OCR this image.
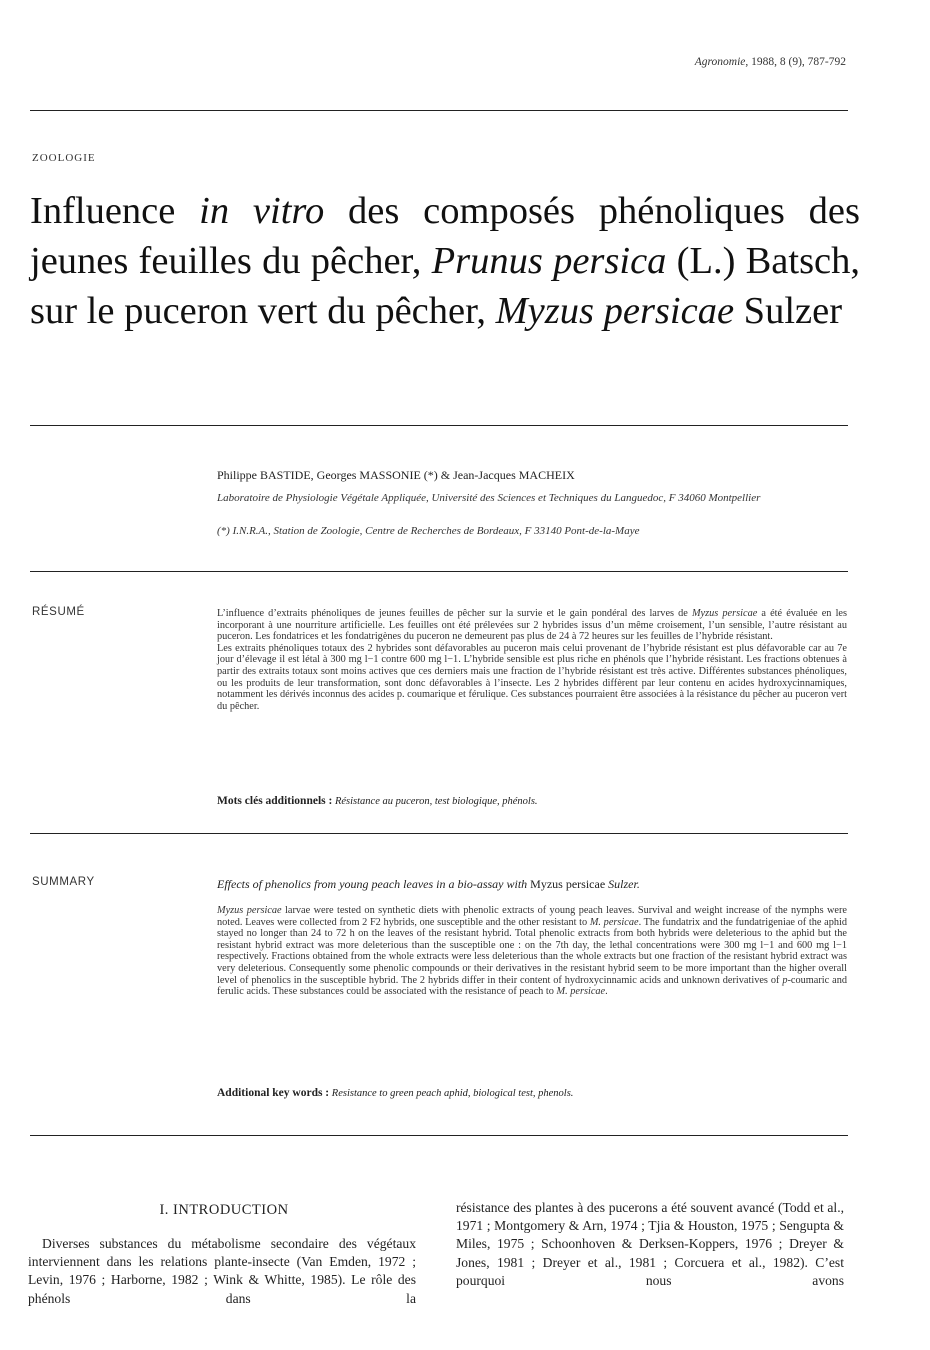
Agronomie, 1988, 8 (9), 787-792
ZOOLOGIE
Influence in vitro des composés phénoliques des jeunes feuilles du pêcher, Prunus persica (L.) Batsch, sur le puceron vert du pêcher, Myzus persicae Sulzer
Philippe BASTIDE, Georges MASSONIE (*) & Jean-Jacques MACHEIX
Laboratoire de Physiologie Végétale Appliquée, Université des Sciences et Techniques du Languedoc, F 34060 Montpellier
(*) I.N.R.A., Station de Zoologie, Centre de Recherches de Bordeaux, F 33140 Pont-de-la-Maye
RÉSUMÉ	L’influence d’extraits phénoliques de jeunes feuilles de pêcher sur la survie et le gain pondéral des larves de Myzus persicae a été évaluée en les incorporant à une nourriture artificielle. Les feuilles ont été prélevées sur 2 hybrides issus d’un même croisement, l’un sensible, l’autre résistant au puceron. Les fondatrices et les fondatrigènes du puceron ne demeurent pas plus de 24 à 72 heures sur les feuilles de l’hybride résistant.

Les extraits phénoliques totaux des 2 hybrides sont défavorables au puceron mais celui provenant de l’hybride résistant est plus défavorable car au 7e jour d’élevage il est létal à 300 mg l−1 contre 600 mg l−1. L’hybride sensible est plus riche en phénols que l’hybride résistant. Les fractions obtenues à partir des extraits totaux sont moins actives que ces derniers mais une fraction de l’hybride résistant est très active. Différentes substances phénoliques, ou les produits de leur transformation, sont donc défavorables à l’insecte. Les 2 hybrides diffèrent par leur contenu en acides hydroxycinnamiques, notamment les dérivés inconnus des acides p. coumarique et férulique. Ces substances pourraient être associées à la résistance du pêcher au puceron vert du pêcher.

Mots clés additionnels : Résistance au puceron, test biologique, phénols.
SUMMARY	Effects of phenolics from young peach leaves in a bio-assay with Myzus persicae Sulzer.

Myzus persicae larvae were tested on synthetic diets with phenolic extracts of young peach leaves. Survival and weight increase of the nymphs were noted. Leaves were collected from 2 F2 hybrids, one susceptible and the other resistant to M. persicae. The fundatrix and the fundatrigeniae of the aphid stayed no longer than 24 to 72 h on the leaves of the resistant hybrid. Total phenolic extracts from both hybrids were deleterious to the aphid but the resistant hybrid extract was more deleterious than the susceptible one : on the 7th day, the lethal concentrations were 300 mg l−1 and 600 mg l−1 respectively. Fractions obtained from the whole extracts were less deleterious than the whole extracts but one fraction of the resistant hybrid extract was very deleterious. Consequently some phenolic compounds or their derivatives in the resistant hybrid seem to be more important than the higher overall level of phenolics in the susceptible hybrid. The 2 hybrids differ in their content of hydroxycinnamic acids and unknown derivatives of p-coumaric and ferulic acids. These substances could be associated with the resistance of peach to M. persicae.

Additional key words : Resistance to green peach aphid, biological test, phenols.
I. INTRODUCTION
Diverses substances du métabolisme secondaire des végétaux interviennent dans les relations plante-insecte (Van Emden, 1972 ; Levin, 1976 ; Harborne, 1982 ; Wink & Whitte, 1985). Le rôle des phénols dans la
résistance des plantes à des pucerons a été souvent avancé (Todd et al., 1971 ; Montgomery & Arn, 1974 ; Tjia & Houston, 1975 ; Sengupta & Miles, 1975 ; Schoonhoven & Derksen-Koppers, 1976 ; Dreyer & Jones, 1981 ; Dreyer et al., 1981 ; Corcuera et al., 1982). C’est pourquoi nous avons
